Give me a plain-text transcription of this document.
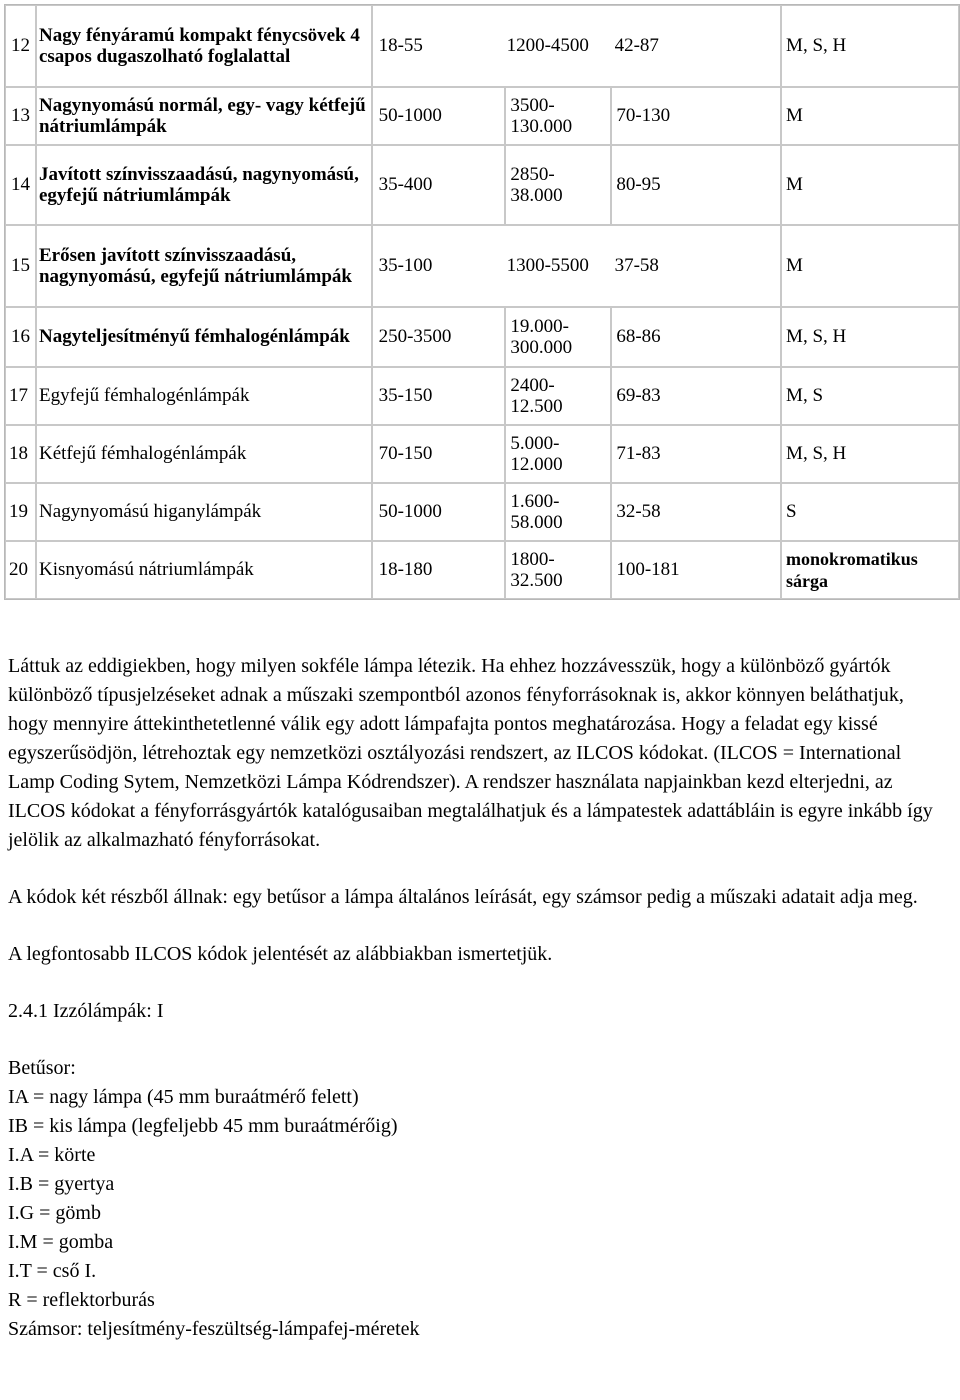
12	Nagy fényáramú kompakt fénycsövek 4 csapos dugaszolható foglalattal	18-55 1200-4500 42-87			M, S, H
13	Nagynyomású normál, egy- vagy kétfejű nátriumlámpák	50-1000	3500-
130.000	70-130	M
14	Javított színvisszaadású, nagynyomású, egyfejű nátriumlámpák	35-400	2850-
38.000	80-95	M
15	Erősen javított színvisszaadású, nagynyomású, egyfejű nátriumlámpák	35-100 1300-5500 37-58			M
16	Nagyteljesítményű fémhalogénlámpák	250-3500	19.000-
300.000	68-86	M, S, H
17	Egyfejű fémhalogénlámpák	35-150	2400-
12.500	69-83	M, S
18	Kétfejű fémhalogénlámpák	70-150	5.000-
12.000	71-83	M, S, H
19	Nagynyomású higanylámpák	50-1000	1.600-
58.000	32-58	S
20	Kisnyomású nátriumlámpák	18-180	1800-
32.500	100-181	monokromatikus sárga

Láttuk az eddigiekben, hogy milyen sokféle lámpa létezik. Ha ehhez hozzávesszük, hogy a különböző gyártók különböző típusjelzéseket adnak a műszaki szempontból azonos fényforrásoknak is, akkor könnyen beláthatjuk, hogy mennyire áttekinthetetlenné válik egy adott lámpafajta pontos meghatározása. Hogy a feladat egy kissé egyszerűsödjön, létrehoztak egy nemzetközi osztályozási rendszert, az ILCOS kódokat. (ILCOS = International Lamp Coding Sytem, Nemzetközi Lámpa Kódrendszer). A rendszer használata napjainkban kezd elterjedni, az ILCOS kódokat a fényforrásgyártók katalógusaiban megtalálhatjuk és a lámpatestek adattábláin is egyre inkább így jelölik az alkalmazható fényforrásokat.

A kódok két részből állnak: egy betűsor a lámpa általános leírását, egy számsor pedig a műszaki adatait adja meg.

A legfontosabb ILCOS kódok jelentését az alábbiakban ismertetjük.

2.4.1 Izzólámpák: I

Betűsor:

IA = nagy lámpa (45 mm buraátmérő felett)
IB = kis lámpa (legfeljebb 45 mm buraátmérőig)
I.A = körte
I.B = gyertya
I.G = gömb
I.M = gomba
I.T = cső I.
R = reflektorburás
Számsor: teljesítmény-feszültség-lámpafej-méretek
